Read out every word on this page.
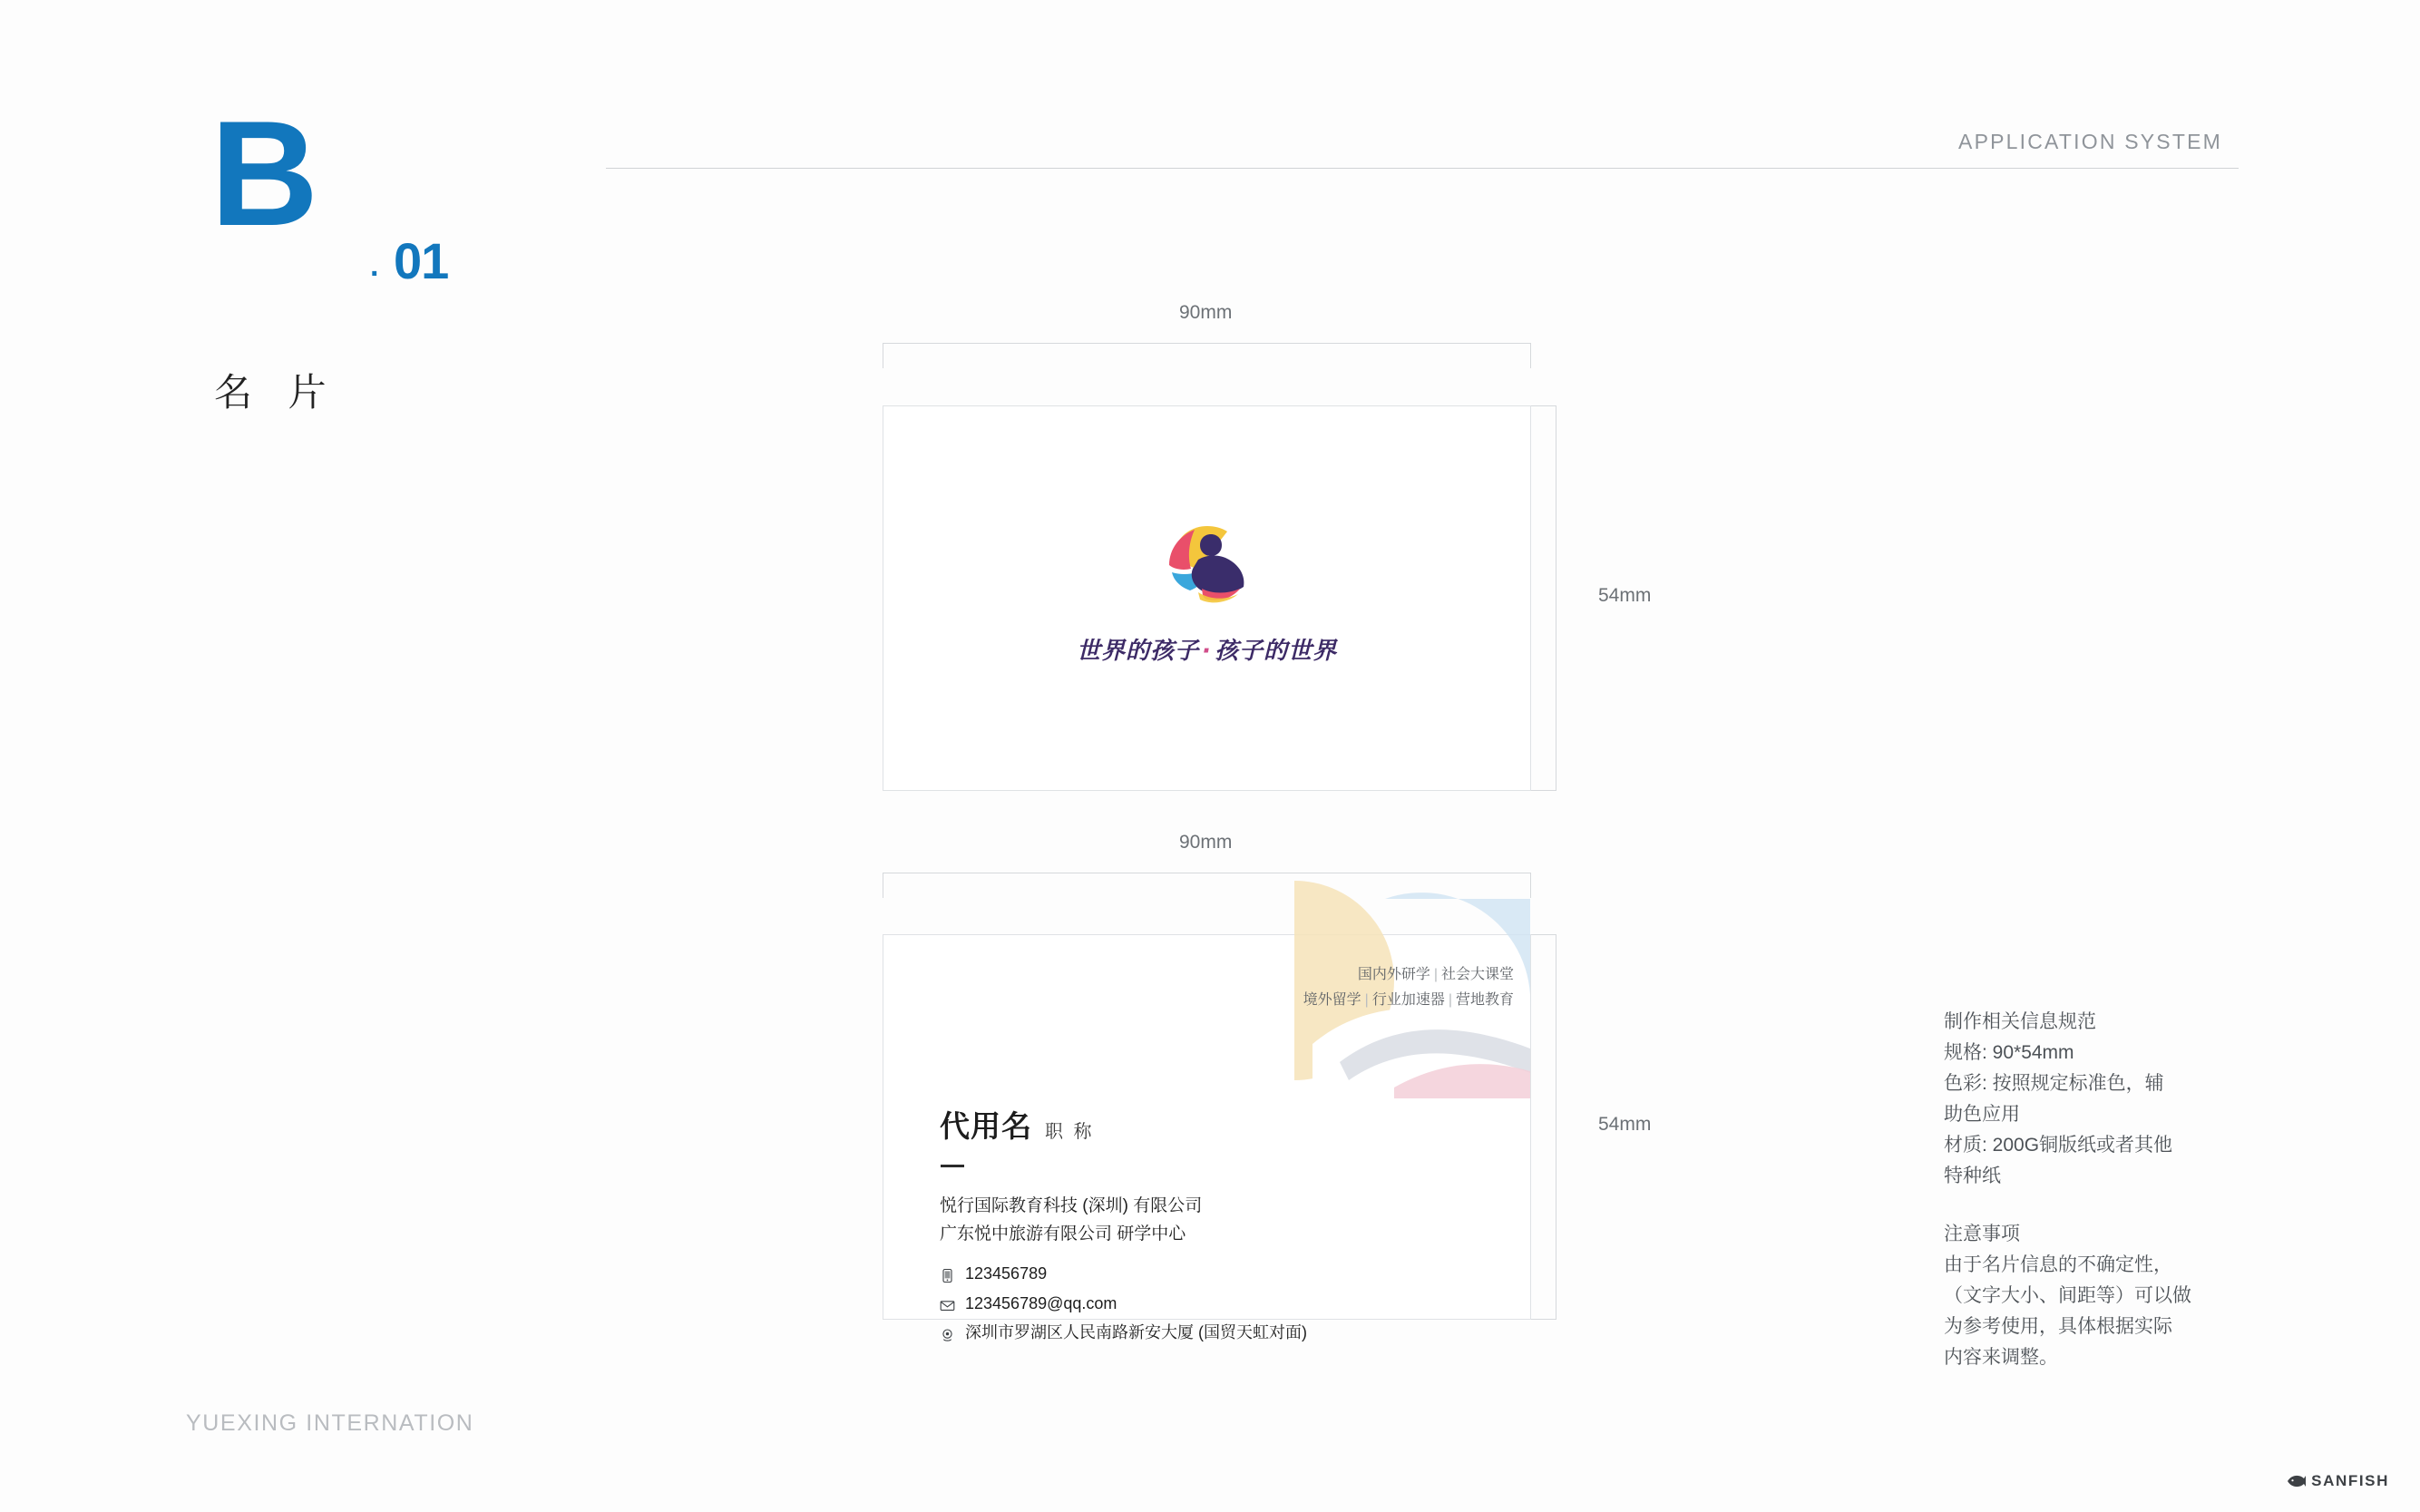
APPLICATION SYSTEM
B
· 01
名 片
90mm
54mm
世界的孩子 · 孩子的世界
90mm
54mm
国内外研学 | 社会大课堂
境外留学 | 行业加速器 | 营地教育
代用名 职 称
悦行国际教育科技 (深圳) 有限公司
广东悦中旅游有限公司 研学中心
123456789
123456789@qq.com
深圳市罗湖区人民南路新安大厦 (国贸天虹对面)
制作相关信息规范
规格: 90*54mm
色彩: 按照规定标准色，辅
助色应用
材质: 200G铜版纸或者其他
特种纸
注意事项
由于名片信息的不确定性，
（文字大小、间距等）可以做
为参考使用，具体根据实际
内容来调整。
YUEXING INTERNATION
SANFISH
